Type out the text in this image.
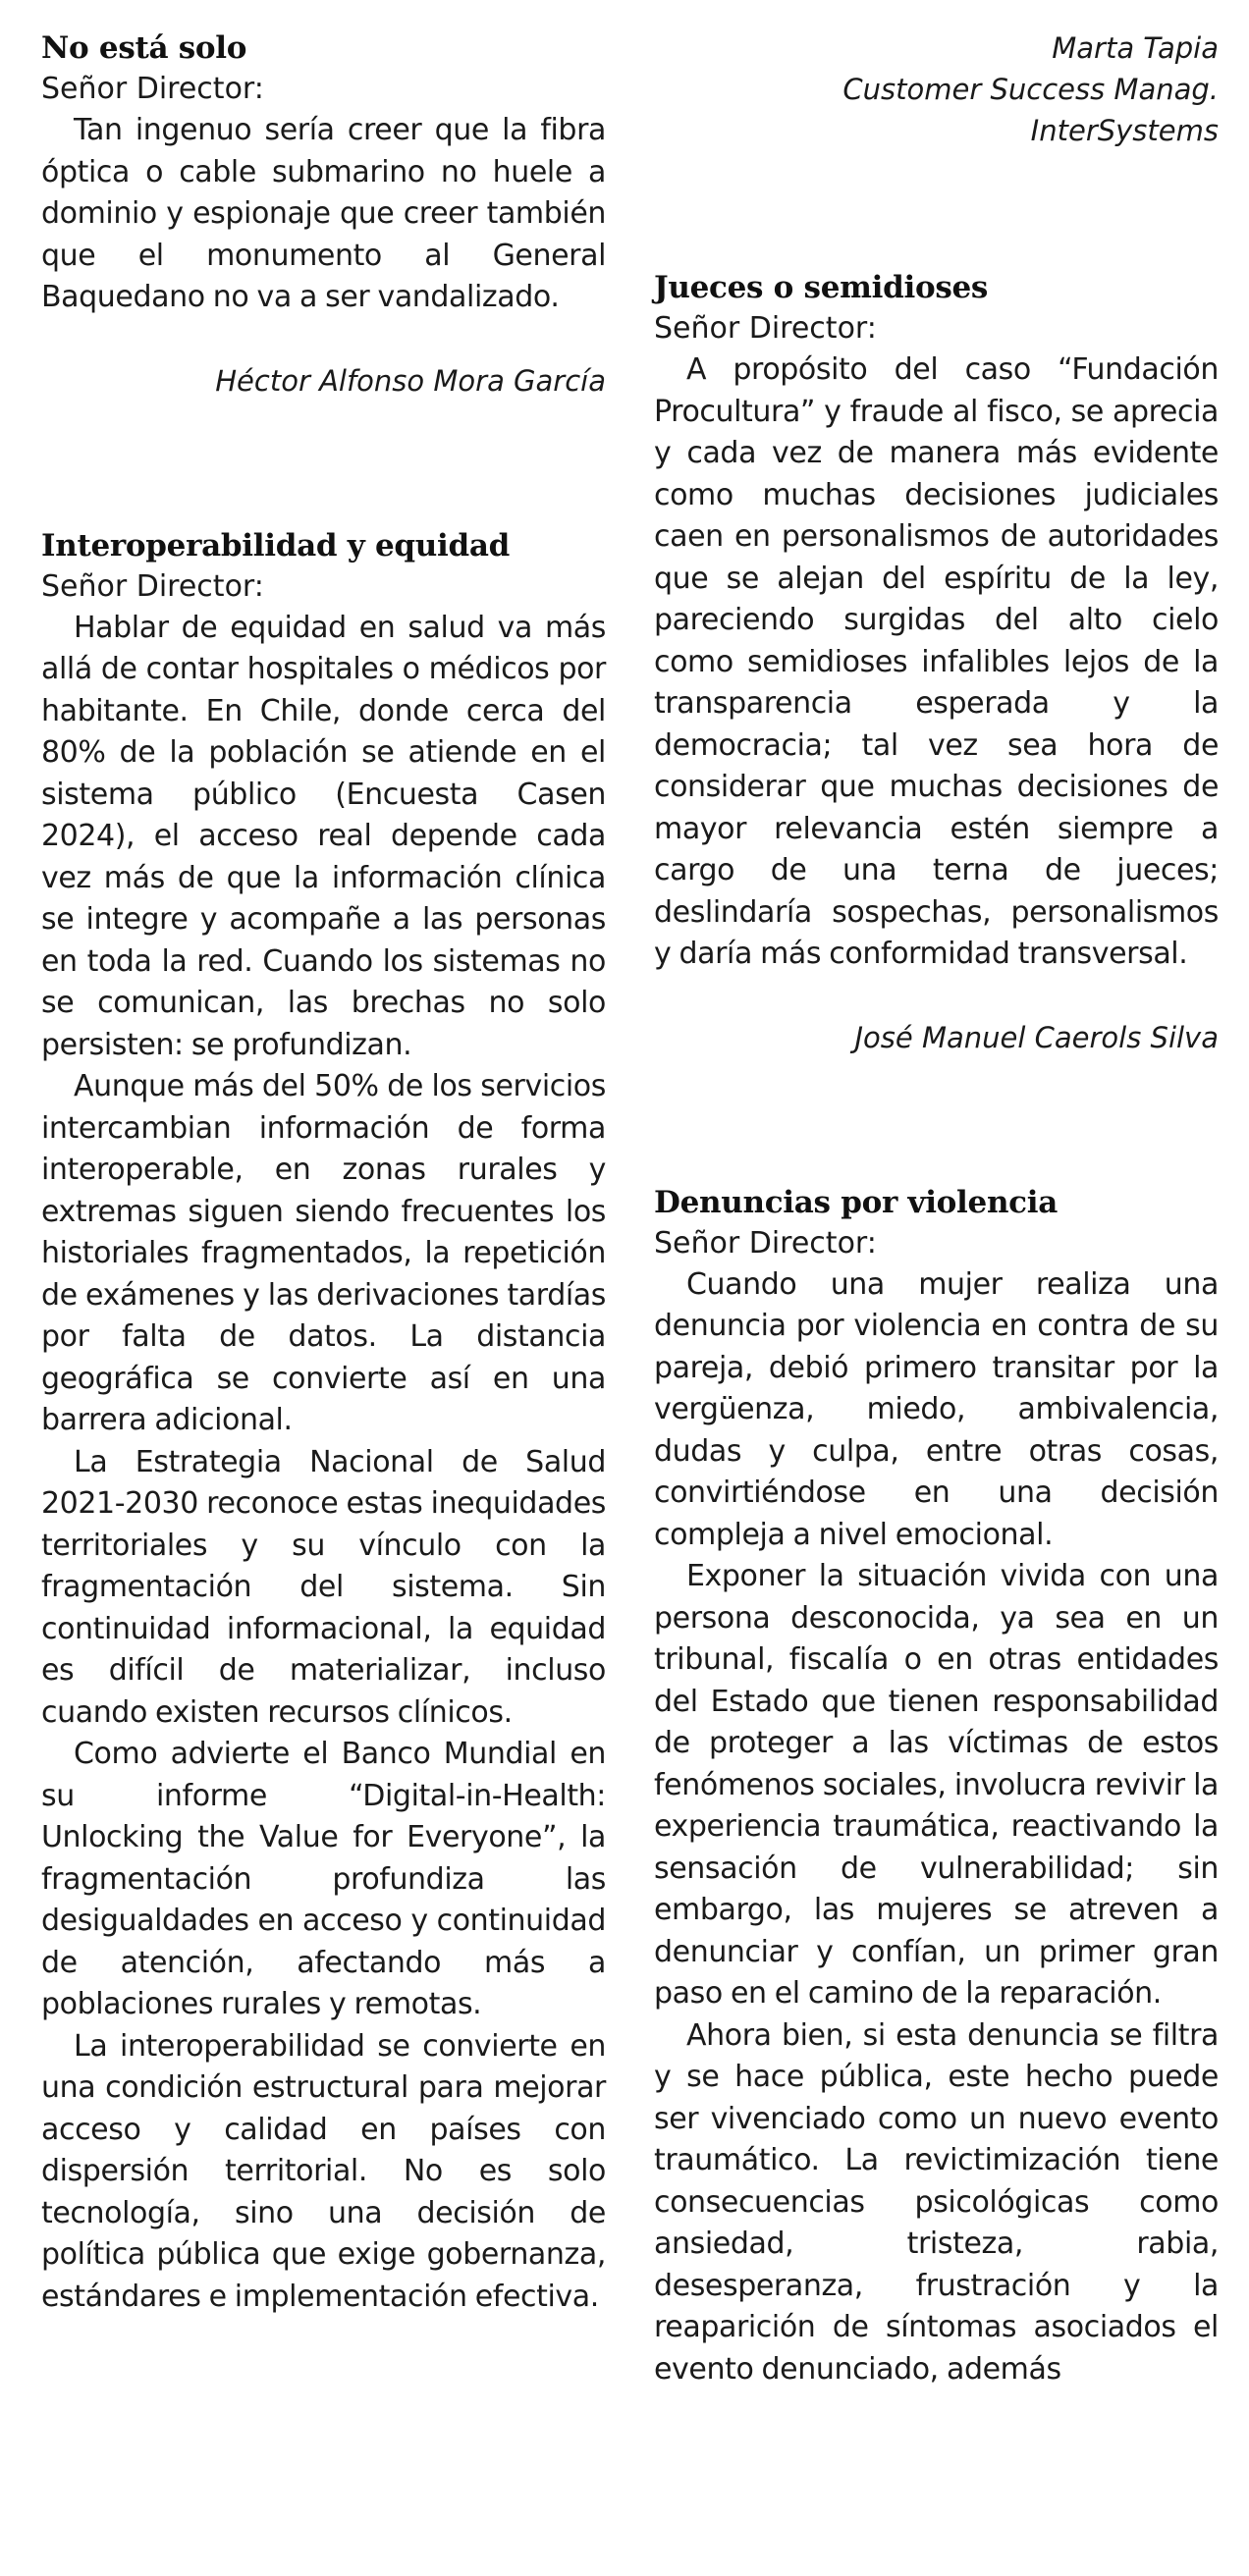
No está solo

Señor Director:

Tan ingenuo sería creer que la fibra óptica o cable submarino no huele a dominio y espionaje que creer también que el monumento al General Baquedano no va a ser vandalizado.

Héctor Alfonso Mora García

Interoperabilidad y equidad

Señor Director:

Hablar de equidad en salud va más allá de contar hospitales o médicos por habitante. En Chile, donde cerca del 80% de la población se atiende en el sistema público (Encuesta Casen 2024), el acceso real depende cada vez más de que la información clínica se integre y acompañe a las personas en toda la red. Cuando los sistemas no se comunican, las brechas no solo persisten: se profundizan.

Aunque más del 50% de los servicios intercambian información de forma interoperable, en zonas rurales y extremas siguen siendo frecuentes los historiales fragmentados, la repetición de exámenes y las derivaciones tardías por falta de datos. La distancia geográfica se convierte así en una barrera adicional.

La Estrategia Nacional de Salud 2021-2030 reconoce estas inequidades territoriales y su vínculo con la fragmentación del sistema. Sin continuidad informacional, la equidad es difícil de materializar, incluso cuando existen recursos clínicos.

Como advierte el Banco Mundial en su informe “Digital-in-Health: Unlocking the Value for Everyone”, la fragmentación profundiza las desigualdades en acceso y continuidad de atención, afectando más a poblaciones rurales y remotas.

La interoperabilidad se convierte en una condición estructural para mejorar acceso y calidad en países con dispersión territorial. No es solo tecnología, sino una decisión de política pública que exige gobernanza, estándares e implementación efectiva.

Marta Tapia

Customer Success Manag.

InterSystems

Jueces o semidioses

Señor Director:

A propósito del caso “Fundación Procultura” y fraude al fisco, se aprecia y cada vez de manera más evidente como muchas decisiones judiciales caen en personalismos de autoridades que se alejan del espíritu de la ley, pareciendo surgidas del alto cielo como semidioses infalibles lejos de la transparencia esperada y la democracia; tal vez sea hora de considerar que muchas decisiones de mayor relevancia estén siempre a cargo de una terna de jueces; deslindaría sospechas, personalismos y daría más conformidad transversal.

José Manuel Caerols Silva

Denuncias por violencia

Señor Director:

Cuando una mujer realiza una denuncia por violencia en contra de su pareja, debió primero transitar por la vergüenza, miedo, ambivalencia, dudas y culpa, entre otras cosas, convirtiéndose en una decisión compleja a nivel emocional.

Exponer la situación vivida con una persona desconocida, ya sea en un tribunal, fiscalía o en otras entidades del Estado que tienen responsabilidad de proteger a las víctimas de estos fenómenos sociales, involucra revivir la experiencia traumática, reactivando la sensación de vulnerabilidad; sin embargo, las mujeres se atreven a denunciar y confían, un primer gran paso en el camino de la reparación.

Ahora bien, si esta denuncia se filtra y se hace pública, este hecho puede ser vivenciado como un nuevo evento traumático. La revictimización tiene consecuencias psicológicas como ansiedad, tristeza, rabia, desesperanza, frustración y la reaparición de síntomas asociados el evento denunciado, además
